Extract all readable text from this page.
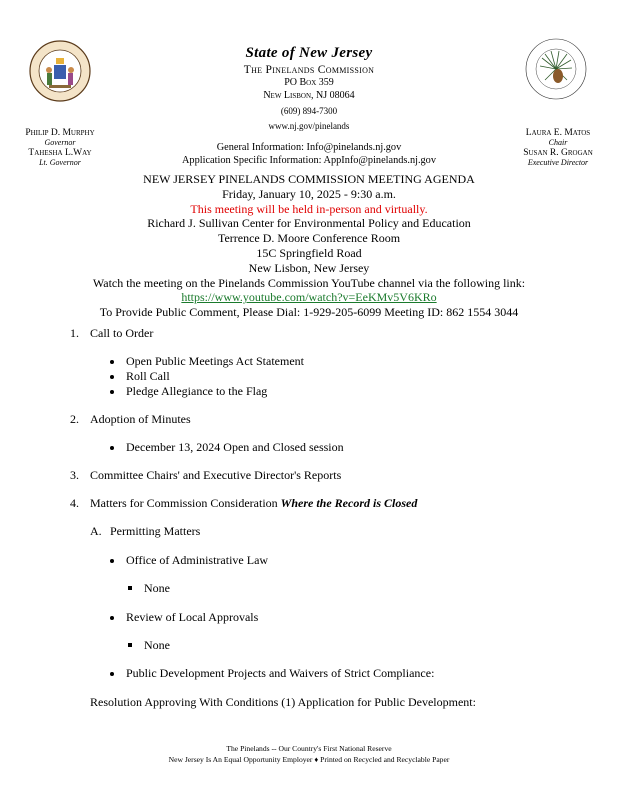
State of New Jersey
The Pinelands Commission
PO Box 359
New Lisbon, NJ 08064
(609) 894-7300
www.nj.gov/pinelands
Philip D. Murphy
Governor
Tahesha L.Way
Lt. Governor
Laura E. Matos
Chair
Susan R. Grogan
Executive Director
General Information: Info@pinelands.nj.gov
Application Specific Information: AppInfo@pinelands.nj.gov
NEW JERSEY PINELANDS COMMISSION MEETING AGENDA
Friday, January 10, 2025 - 9:30 a.m.
This meeting will be held in-person and virtually.
Richard J. Sullivan Center for Environmental Policy and Education
Terrence D. Moore Conference Room
15C Springfield Road
New Lisbon, New Jersey
Watch the meeting on the Pinelands Commission YouTube channel via the following link:
https://www.youtube.com/watch?v=EeKMv5V6KRo
To Provide Public Comment, Please Dial: 1-929-205-6099 Meeting ID: 862 1554 3044
1. Call to Order
Open Public Meetings Act Statement
Roll Call
Pledge Allegiance to the Flag
2. Adoption of Minutes
December 13, 2024 Open and Closed session
3. Committee Chairs' and Executive Director's Reports
4. Matters for Commission Consideration Where the Record is Closed
A. Permitting Matters
Office of Administrative Law
None
Review of Local Approvals
None
Public Development Projects and Waivers of Strict Compliance:
Resolution Approving With Conditions (1) Application for Public Development:
The Pinelands -- Our Country's First National Reserve
New Jersey Is An Equal Opportunity Employer ♦ Printed on Recycled and Recyclable Paper
